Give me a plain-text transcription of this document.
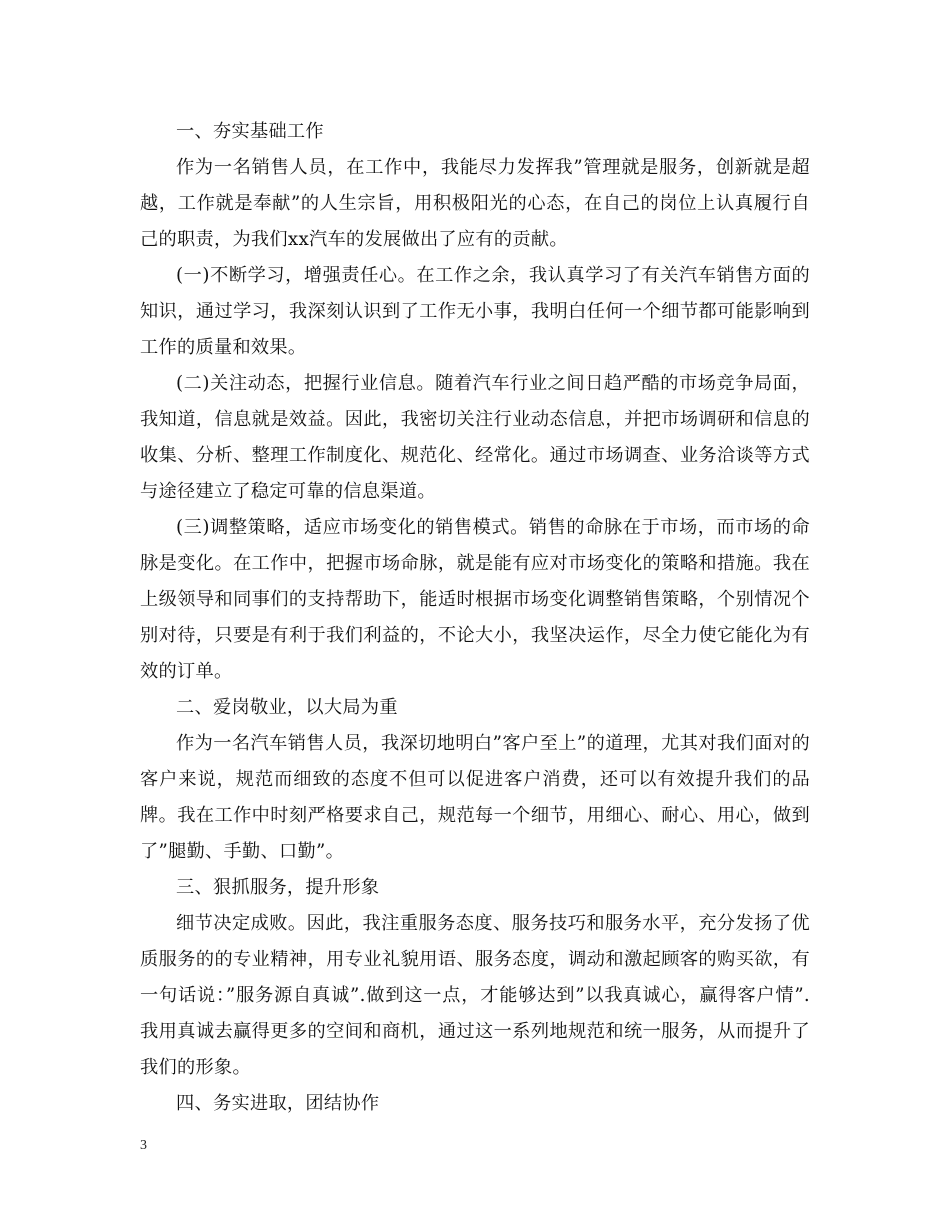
一、夯实基础工作

作为一名销售人员，在工作中，我能尽力发挥我”管理就是服务，创新就是超越，工作就是奉献”的人生宗旨，用积极阳光的心态，在自己的岗位上认真履行自己的职责，为我们xx汽车的发展做出了应有的贡献。

(一)不断学习，增强责任心。在工作之余，我认真学习了有关汽车销售方面的知识，通过学习，我深刻认识到了工作无小事，我明白任何一个细节都可能影响到工作的质量和效果。

(二)关注动态，把握行业信息。随着汽车行业之间日趋严酷的市场竞争局面，我知道，信息就是效益。因此，我密切关注行业动态信息，并把市场调研和信息的收集、分析、整理工作制度化、规范化、经常化。通过市场调查、业务洽谈等方式与途径建立了稳定可靠的信息渠道。

(三)调整策略，适应市场变化的销售模式。销售的命脉在于市场，而市场的命脉是变化。在工作中，把握市场命脉，就是能有应对市场变化的策略和措施。我在上级领导和同事们的支持帮助下，能适时根据市场变化调整销售策略，个别情况个别对待，只要是有利于我们利益的，不论大小，我坚决运作，尽全力使它能化为有效的订单。

二、爱岗敬业，以大局为重

作为一名汽车销售人员，我深切地明白”客户至上”的道理，尤其对我们面对的客户来说，规范而细致的态度不但可以促进客户消费，还可以有效提升我们的品牌。我在工作中时刻严格要求自己，规范每一个细节，用细心、耐心、用心，做到了”腿勤、手勤、口勤”。

三、狠抓服务，提升形象

细节决定成败。因此，我注重服务态度、服务技巧和服务水平，充分发扬了优质服务的的专业精神，用专业礼貌用语、服务态度，调动和激起顾客的购买欲，有一句话说：”服务源自真诚”.做到这一点，才能够达到”以我真诚心，赢得客户情”.我用真诚去赢得更多的空间和商机，通过这一系列地规范和统一服务，从而提升了我们的形象。

四、务实进取，团结协作

3
